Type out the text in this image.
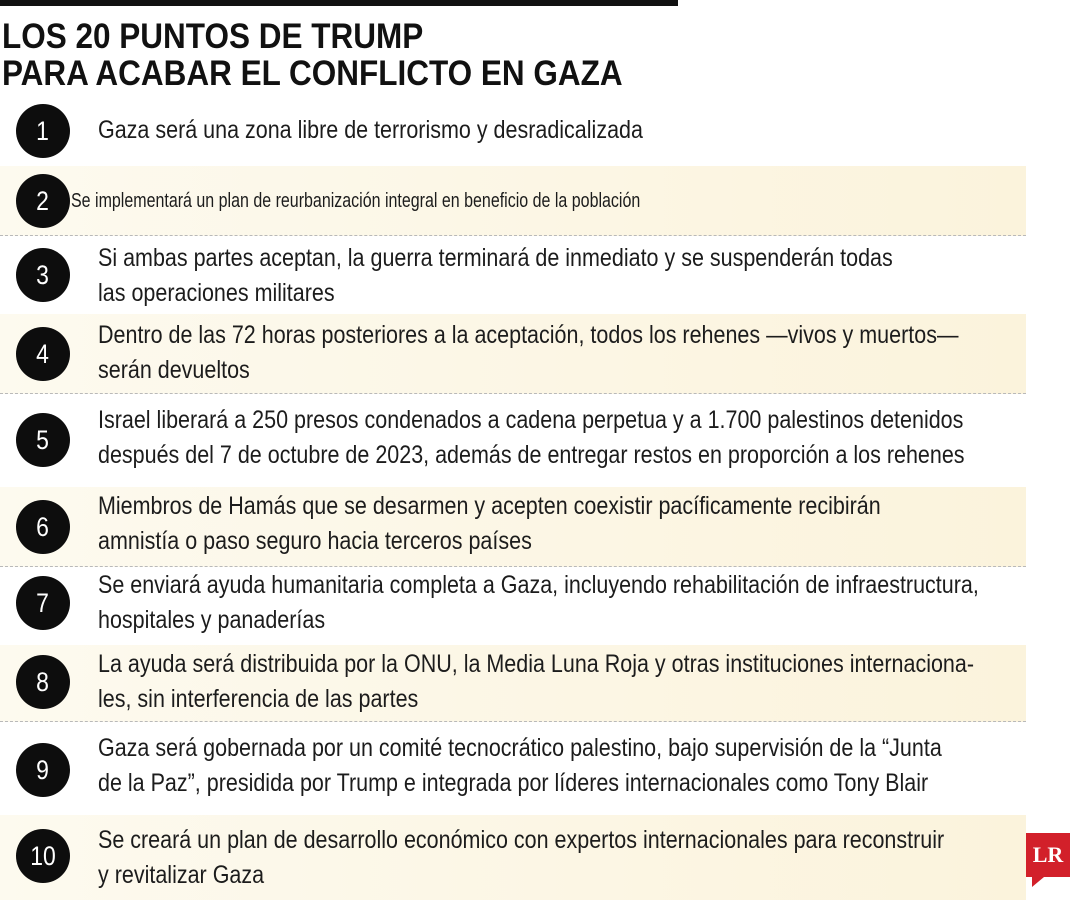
LOS 20 PUNTOS DE TRUMP
PARA ACABAR EL CONFLICTO EN GAZA
1 Gaza será una zona libre de terrorismo y desradicalizada
2 Se implementará un plan de reurbanización integral en beneficio de la población
3
Si ambas partes aceptan, la guerra terminará de inmediato y se suspenderán todas
las operaciones militares
4
Dentro de las 72 horas posteriores a la aceptación, todos los rehenes —vivos y muertos—
serán devueltos
5
Israel liberará a 250 presos condenados a cadena perpetua y a 1.700 palestinos detenidos
después del 7 de octubre de 2023, además de entregar restos en proporción a los rehenes
6
Miembros de Hamás que se desarmen y acepten coexistir pacíficamente recibirán
amnistía o paso seguro hacia terceros países
7
Se enviará ayuda humanitaria completa a Gaza, incluyendo rehabilitación de infraestructura,
hospitales y panaderías
8
La ayuda será distribuida por la ONU, la Media Luna Roja y otras instituciones internaciona-
les, sin interferencia de las partes
9
Gaza será gobernada por un comité tecnocrático palestino, bajo supervisión de la “Junta
de la Paz”, presidida por Trump e integrada por líderes internacionales como Tony Blair
10
Se creará un plan de desarrollo económico con expertos internacionales para reconstruir
y revitalizar Gaza
LR
